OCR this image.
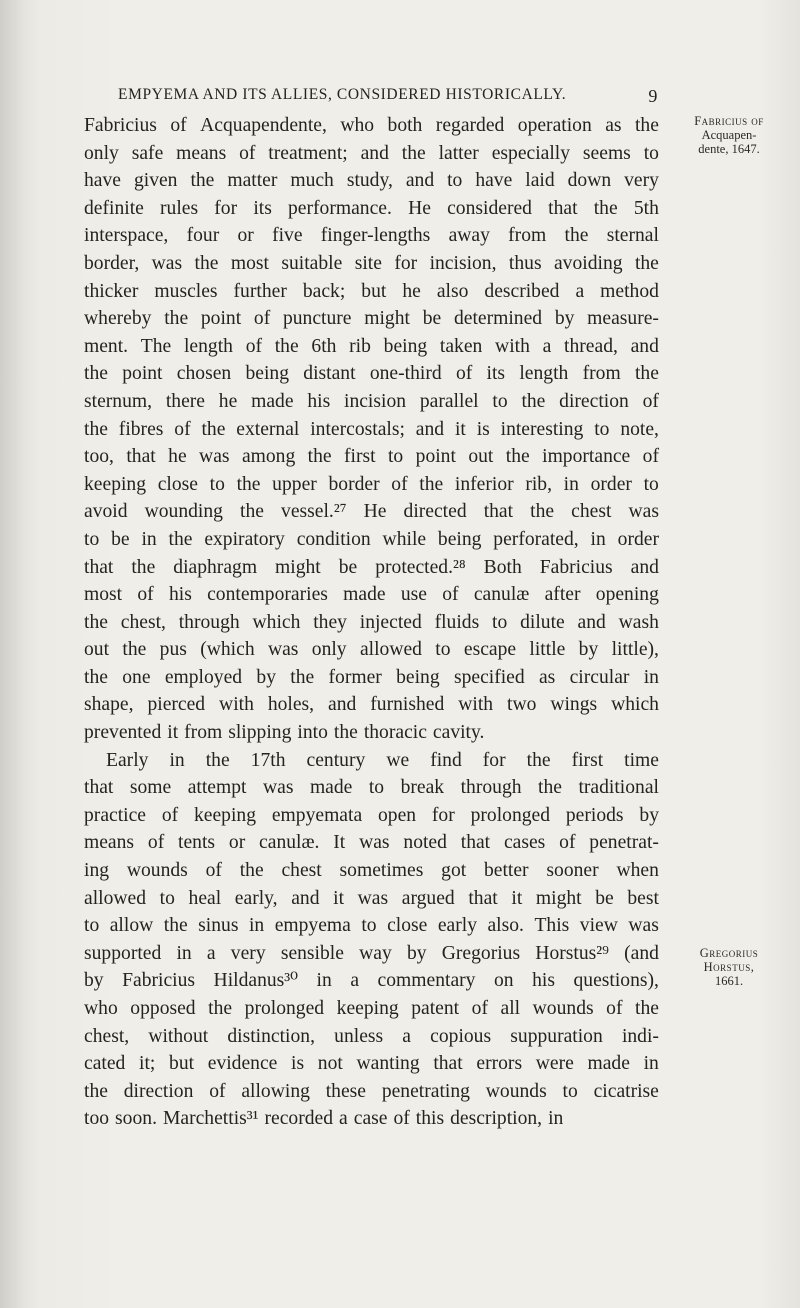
EMPYEMA AND ITS ALLIES, CONSIDERED HISTORICALLY.	9
Fabricius of
Acquapen-
dente, 1647.
Gregorius
Horstus,
1661.
Fabricius of Acquapendente, who both regarded operation as the
only safe means of treatment; and the latter especially seems to
have given the matter much study, and to have laid down very
definite rules for its performance. He considered that the 5th
interspace, four or five finger-lengths away from the sternal
border, was the most suitable site for incision, thus avoiding the
thicker muscles further back; but he also described a method
whereby the point of puncture might be determined by measure-
ment. The length of the 6th rib being taken with a thread, and
the point chosen being distant one-third of its length from the
sternum, there he made his incision parallel to the direction of
the fibres of the external intercostals; and it is interesting to note,
too, that he was among the first to point out the importance of
keeping close to the upper border of the inferior rib, in order to
avoid wounding the vessel.²⁷ He directed that the chest was
to be in the expiratory condition while being perforated, in order
that the diaphragm might be protected.²⁸ Both Fabricius and
most of his contemporaries made use of canulæ after opening
the chest, through which they injected fluids to dilute and wash
out the pus (which was only allowed to escape little by little),
the one employed by the former being specified as circular in
shape, pierced with holes, and furnished with two wings which
prevented it from slipping into the thoracic cavity.
Early in the 17th century we find for the first time
that some attempt was made to break through the traditional
practice of keeping empyemata open for prolonged periods by
means of tents or canulæ. It was noted that cases of penetrat-
ing wounds of the chest sometimes got better sooner when
allowed to heal early, and it was argued that it might be best
to allow the sinus in empyema to close early also. This view was
supported in a very sensible way by Gregorius Horstus²⁹ (and
by Fabricius Hildanus³⁰ in a commentary on his questions),
who opposed the prolonged keeping patent of all wounds of the
chest, without distinction, unless a copious suppuration indi-
cated it; but evidence is not wanting that errors were made in
the direction of allowing these penetrating wounds to cicatrise
too soon. Marchettis³¹ recorded a case of this description, in
